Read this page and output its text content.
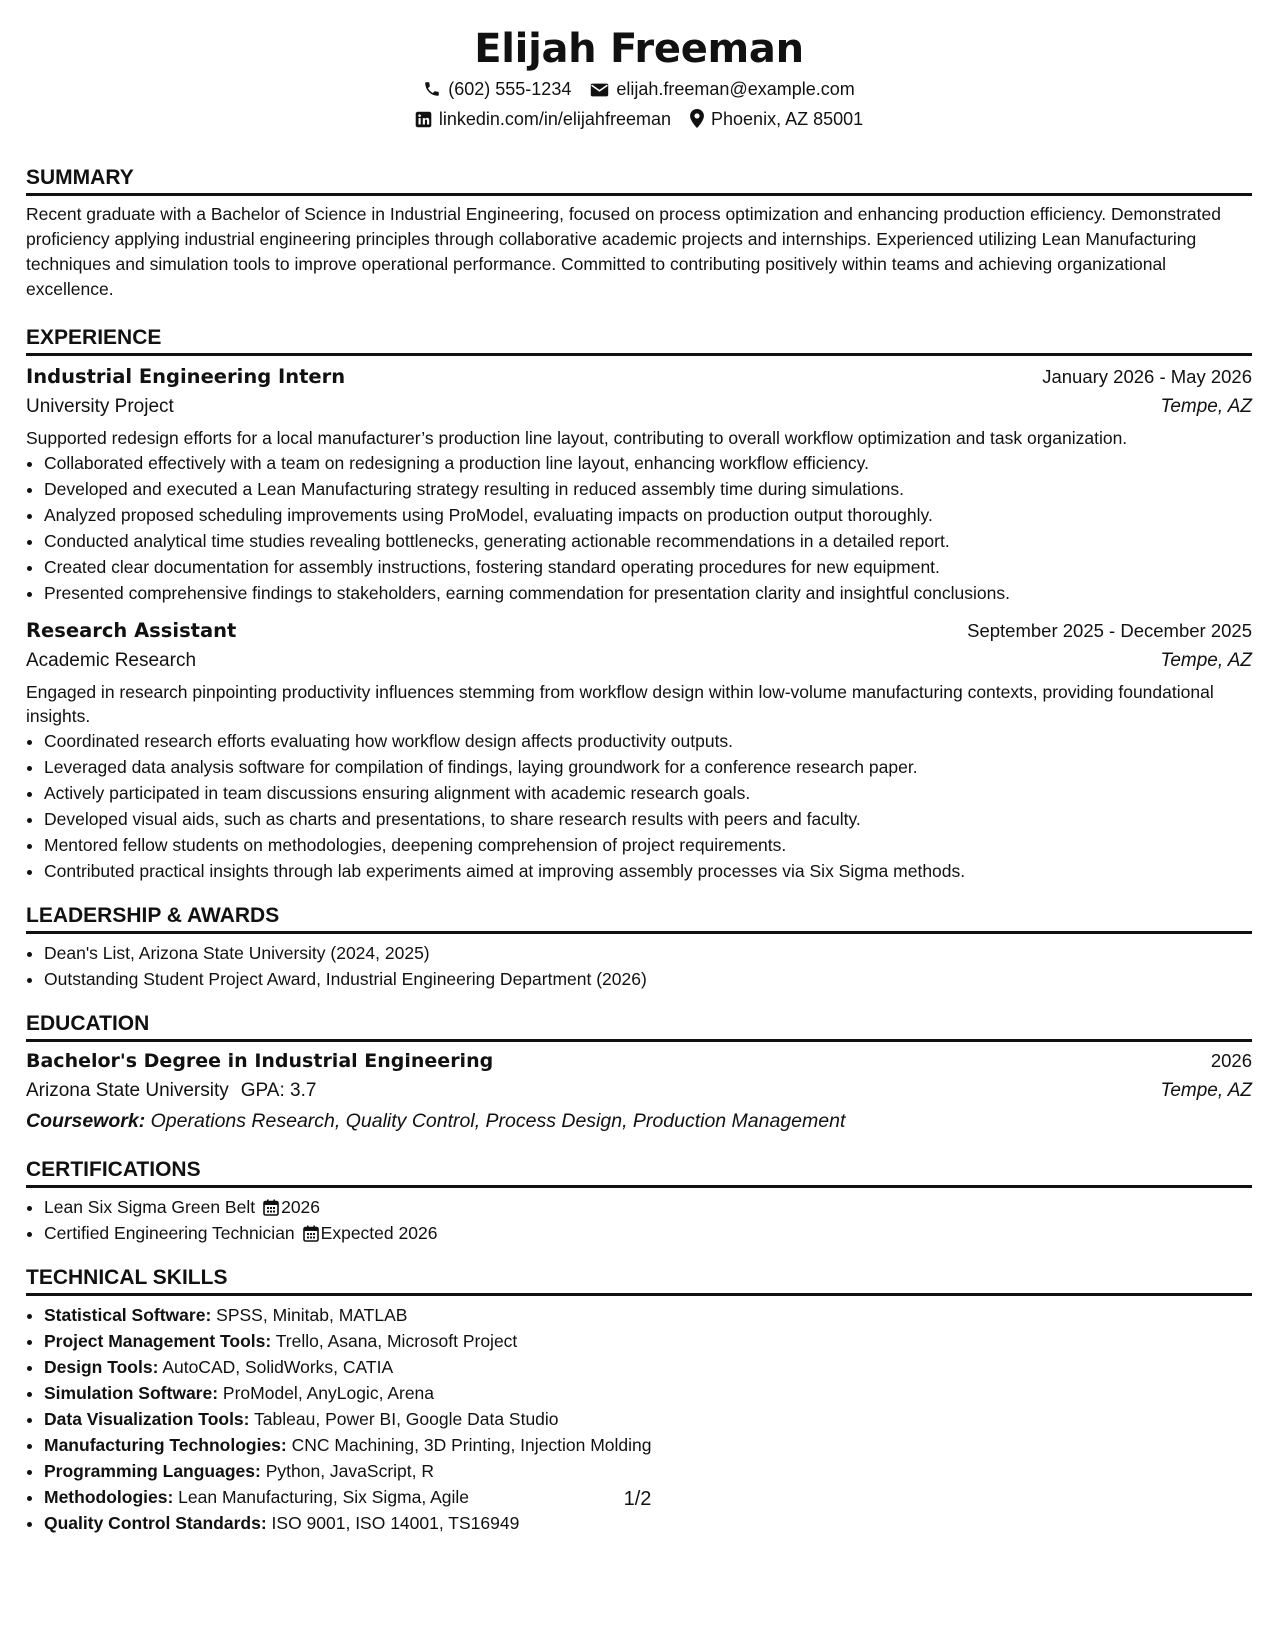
Elijah Freeman
(602) 555-1234	elijah.freeman@example.com
linkedin.com/in/elijahfreeman Phoenix, AZ 85001
SUMMARY
Recent graduate with a Bachelor of Science in Industrial Engineering, focused on process optimization and enhancing production efficiency. Demonstrated proficiency applying industrial engineering principles through collaborative academic projects and internships. Experienced utilizing Lean Manufacturing techniques and simulation tools to improve operational performance. Committed to contributing positively within teams and achieving organizational excellence.
EXPERIENCE
Industrial Engineering Intern	January 2026 - May 2026
University Project	Tempe, AZ
Supported redesign efforts for a local manufacturer’s production line layout, contributing to overall workflow optimization and task organization.
• Collaborated effectively with a team on redesigning a production line layout, enhancing workflow efficiency.
• Developed and executed a Lean Manufacturing strategy resulting in reduced assembly time during simulations.
• Analyzed proposed scheduling improvements using ProModel, evaluating impacts on production output thoroughly.
• Conducted analytical time studies revealing bottlenecks, generating actionable recommendations in a detailed report.
• Created clear documentation for assembly instructions, fostering standard operating procedures for new equipment.
• Presented comprehensive findings to stakeholders, earning commendation for presentation clarity and insightful conclusions.
Research Assistant	September 2025 - December 2025
Academic Research	Tempe, AZ
Engaged in research pinpointing productivity influences stemming from workflow design within low-volume manufacturing contexts, providing foundational insights.
• Coordinated research efforts evaluating how workflow design affects productivity outputs.
• Leveraged data analysis software for compilation of findings, laying groundwork for a conference research paper.
• Actively participated in team discussions ensuring alignment with academic research goals.
• Developed visual aids, such as charts and presentations, to share research results with peers and faculty.
• Mentored fellow students on methodologies, deepening comprehension of project requirements.
• Contributed practical insights through lab experiments aimed at improving assembly processes via Six Sigma methods.
LEADERSHIP & AWARDS
• Dean's List, Arizona State University (2024, 2025)
• Outstanding Student Project Award, Industrial Engineering Department (2026)
EDUCATION
Bachelor's Degree in Industrial Engineering	2026
Arizona State University GPA: 3.7	Tempe, AZ
Coursework: Operations Research, Quality Control, Process Design, Production Management
CERTIFICATIONS
• Lean Six Sigma Green Belt 2026
• Certified Engineering Technician Expected 2026
TECHNICAL SKILLS
• Statistical Software: SPSS, Minitab, MATLAB
• Project Management Tools: Trello, Asana, Microsoft Project
• Design Tools: AutoCAD, SolidWorks, CATIA
• Simulation Software: ProModel, AnyLogic, Arena
• Data Visualization Tools: Tableau, Power BI, Google Data Studio
• Manufacturing Technologies: CNC Machining, 3D Printing, Injection Molding
• Programming Languages: Python, JavaScript, R
• Methodologies: Lean Manufacturing, Six Sigma, Agile
• Quality Control Standards: ISO 9001, ISO 14001, TS16949
1/2
